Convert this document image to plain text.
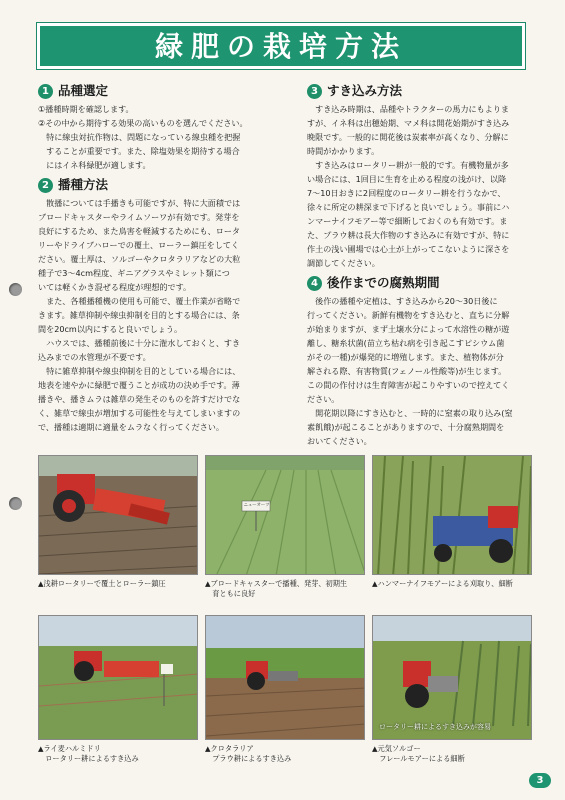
緑肥の栽培方法
1 品種選定

①播種時期を確認します。

②その中から期待する効果の高いものを選んでください。

　特に線虫対抗作物は、問題になっている線虫種を把握

　することが重要です。また、除塩効果を期待する場合

　にはイネ科緑肥が適します。

2 播種方法

　散播については手播きも可能ですが、特に大面積では

ブロードキャスターやライムソーワが有効です。発芽を

良好にするため、また鳥害を軽減するためにも、ロータ

リーやドライブハローでの覆土、ローラー鎮圧をしてく

ださい。覆土厚は、ソルゴーやクロタラリアなどの大粒

種子で3〜4cm程度、ギニアグラスやミレット類につ

いては軽くかき混ぜる程度が理想的です。

　また、各種播種機の使用も可能で、覆土作業が省略で

きます。雑草抑制や線虫抑制を目的とする場合には、条

間を20cm以内にすると良いでしょう。

　ハウスでは、播種前後に十分に潅水しておくと、すき

込みまでの水管理が不要です。

　特に雑草抑制や線虫抑制を目的としている場合には、

地表を速やかに緑肥で覆うことが成功の決め手です。薄

播きや、播きムラは雑草の発生そのものを許すだけでな

く、雑草で線虫が増加する可能性を与えてしまいますの

で、播種は適期に適量をムラなく行ってください。

3 すき込み方法

　すき込み時期は、品種やトラクターの馬力にもよりま

すが、イネ科は出穂始期、マメ科は開花始期がすき込み

晩限です。一般的に開花後は炭素率が高くなり、分解に

時間がかかります。

　すき込みはロータリー耕が一般的です。有機物量が多

い場合には、1回目に生育を止める程度の浅がけ、以降

7〜10日おきに2回程度のロータリー耕を行うなかで、

徐々に所定の耕深まで下げると良いでしょう。事前にハ

ンマーナイフモアー等で細断しておくのも有効です。ま

た、プラウ耕は長大作物のすき込みに有効ですが、特に

作土の浅い圃場では心土が上がってこないように深さを

調節してください。

4 後作までの腐熟期間

　後作の播種や定植は、すき込みから20〜30日後に

行ってください。新鮮有機物をすき込むと、直ちに分解

が始まりますが、まず土壌水分によって水溶性の糖が遊

離し、糖糸状菌(苗立ち枯れ病を引き起こすピシウム菌

がその一種)が爆発的に増殖します。また、植物体が分

解される際、有害物質(フェノール性酸等)が生じます。

この間の作付けは生育障害が起こりやすいので控えてく

ださい。

　開花期以降にすき込むと、一時的に窒素の取り込み(窒

素飢餓)が起こることがありますので、十分腐熟期間を

おいてください。

▲浅耕ロータリーで覆土とローラー鎮圧
ニューオーツ
▲ブロードキャスターで播種、発芽、初期生
　育ともに良好
▲ハンマーナイフモアーによる刈取り、細断
▲ライ麦ハルミドリ
　ロータリー耕によるすき込み
▲クロタラリア
　プラウ耕によるすき込み
ロータリー耕によるすき込みが容易
▲元気ソルゴー
　フレールモアーによる細断
3
